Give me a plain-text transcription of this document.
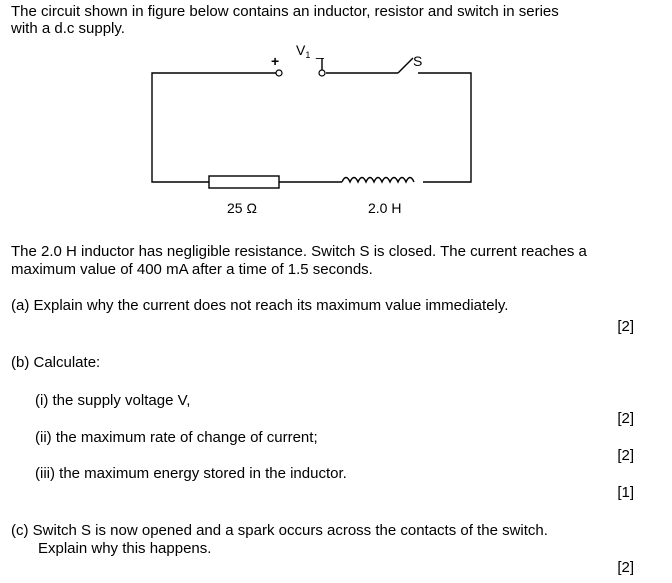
The circuit shown in figure below contains an inductor, resistor and switch in series
with a d.c supply.
+
$V_1$ _
S
25 Ω	2.0 H
The 2.0 H inductor has negligible resistance. Switch S is closed. The current reaches a
maximum value of 400 mA after a time of 1.5 seconds.
(a) Explain why the current does not reach its maximum value immediately.
[2]
(b) Calculate:
(i) the supply voltage V,
[2]
(ii) the maximum rate of change of current;
[2]
(iii) the maximum energy stored in the inductor.
[1]
(c) Switch S is now opened and a spark occurs across the contacts of the switch.
Explain why this happens.
[2]
